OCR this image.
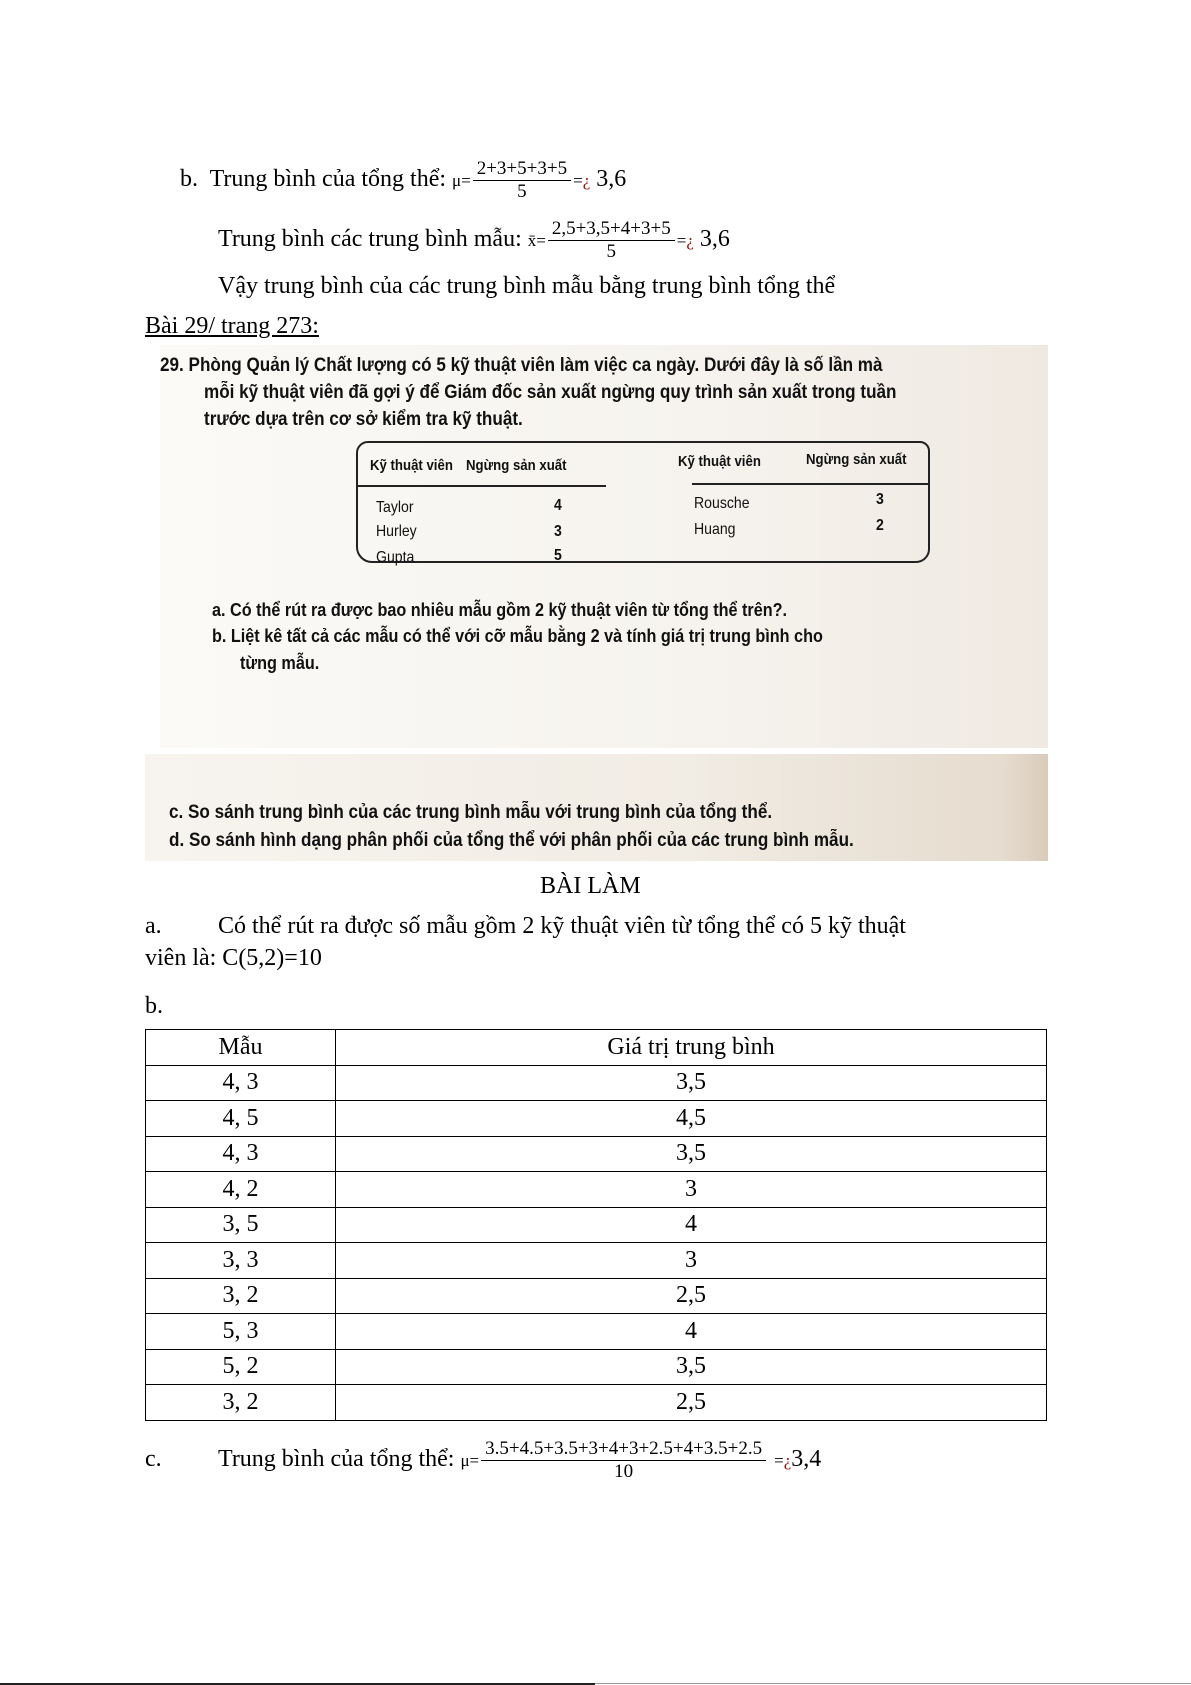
b. Trung bình của tổng thể: $\mu= \frac{2+3+5+3+5}{5}$ =¿ 3,6
Trung bình các trung bình mẫu: x̄= $\frac{2,5+3,5+4+3+5}{5}$ =¿ 3,6
Vậy trung bình của các trung bình mẫu bằng trung bình tổng thể
Bài 29/ trang 273:
29. Phòng Quản lý Chất lượng có 5 kỹ thuật viên làm việc ca ngày. Dưới đây là số lần mà
mỗi kỹ thuật viên đã gợi ý để Giám đốc sản xuất ngừng quy trình sản xuất trong tuần
trước dựa trên cơ sở kiểm tra kỹ thuật.
Kỹ thuật viên Ngừng sản xuất	Kỹ thuật viên	Ngừng sản xuất
Taylor	4
Hurley	3
Gupta	5
Rousche	3
Huang	2
a. Có thể rút ra được bao nhiêu mẫu gồm 2 kỹ thuật viên từ tổng thể trên?.
b. Liệt kê tất cả các mẫu có thể với cỡ mẫu bằng 2 và tính giá trị trung bình cho
từng mẫu.
c. So sánh trung bình của các trung bình mẫu với trung bình của tổng thể.
d. So sánh hình dạng phân phối của tổng thể với phân phối của các trung bình mẫu.
BÀI LÀM
a. Có thể rút ra được số mẫu gồm 2 kỹ thuật viên từ tổng thể có 5 kỹ thuật
viên là: C(5,2)=10
b.
Mẫu	Giá trị trung bình
4, 3	3,5
4, 5	4,5
4, 3	3,5
4, 2	3
3, 5	4
3, 3	3
3, 2	2,5
5, 3	4
5, 2	3,5
3, 2	2,5
c. Trung bình của tổng thể: $\mu= \frac{3.5+4.5+3.5+3+4+3+2.5+4+3.5+2.5}{10}$ =¿3,4
